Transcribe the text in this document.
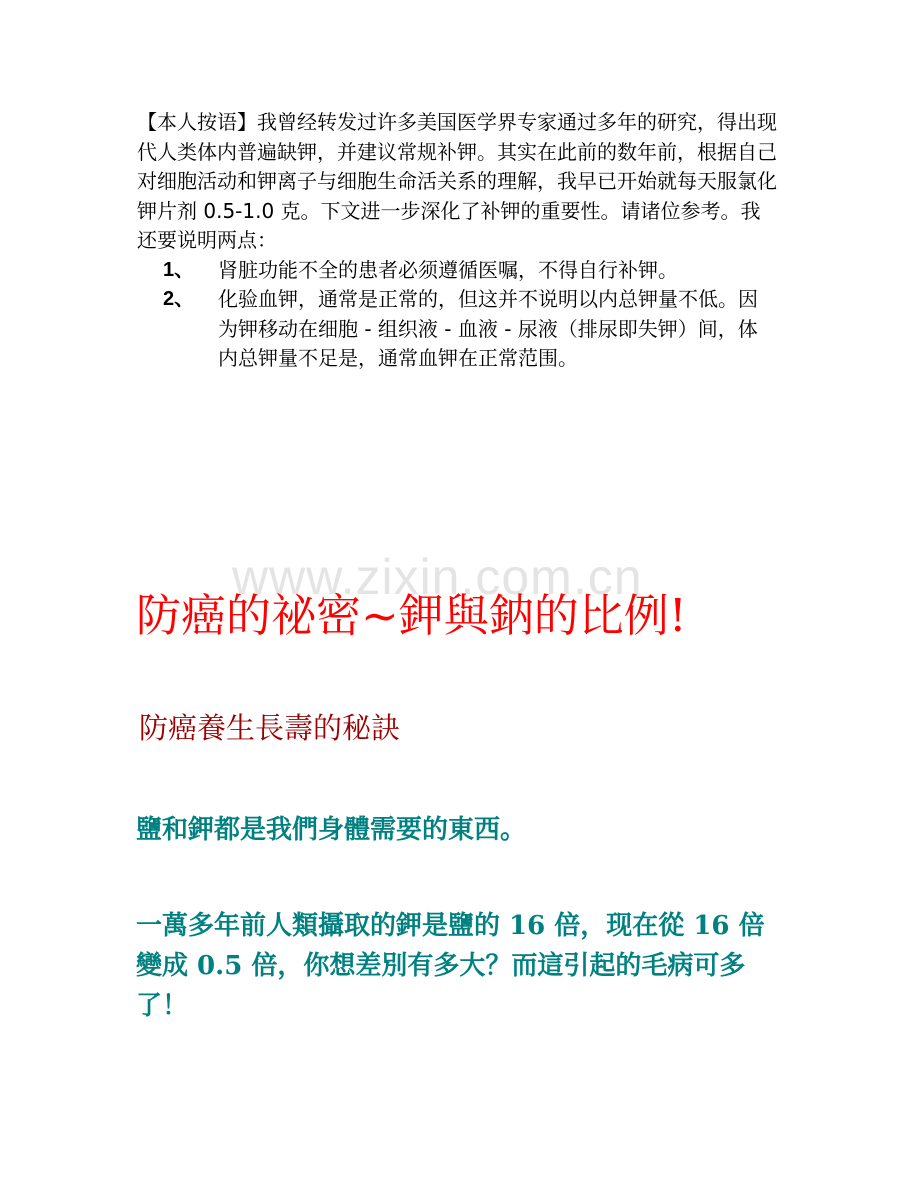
【本人按语】我曾经转发过许多美国医学界专家通过多年的研究，得出现代人类体内普遍缺钾，并建议常规补钾。其实在此前的数年前，根据自己对细胞活动和钾离子与细胞生命活关系的理解，我早已开始就每天服氯化钾片剂 0.5-1.0 克。下文进一步深化了补钾的重要性。请诸位参考。我还要说明两点：

1、 肾脏功能不全的患者必须遵循医嘱，不得自行补钾。
2、 化验血钾，通常是正常的，但这并不说明以内总钾量不低。因为钾移动在细胞 - 组织液 - 血液 - 尿液（排尿即失钾）间，体内总钾量不足是，通常血钾在正常范围。
www.zixin.com.cn
防癌的祕密~鉀與鈉的比例!
防癌養生長壽的秘訣

鹽和鉀都是我們身體需要的東西。

一萬多年前人類攝取的鉀是鹽的 16 倍，现在從 16 倍變成 0.5 倍，你想差別有多大？而這引起的毛病可多了！
